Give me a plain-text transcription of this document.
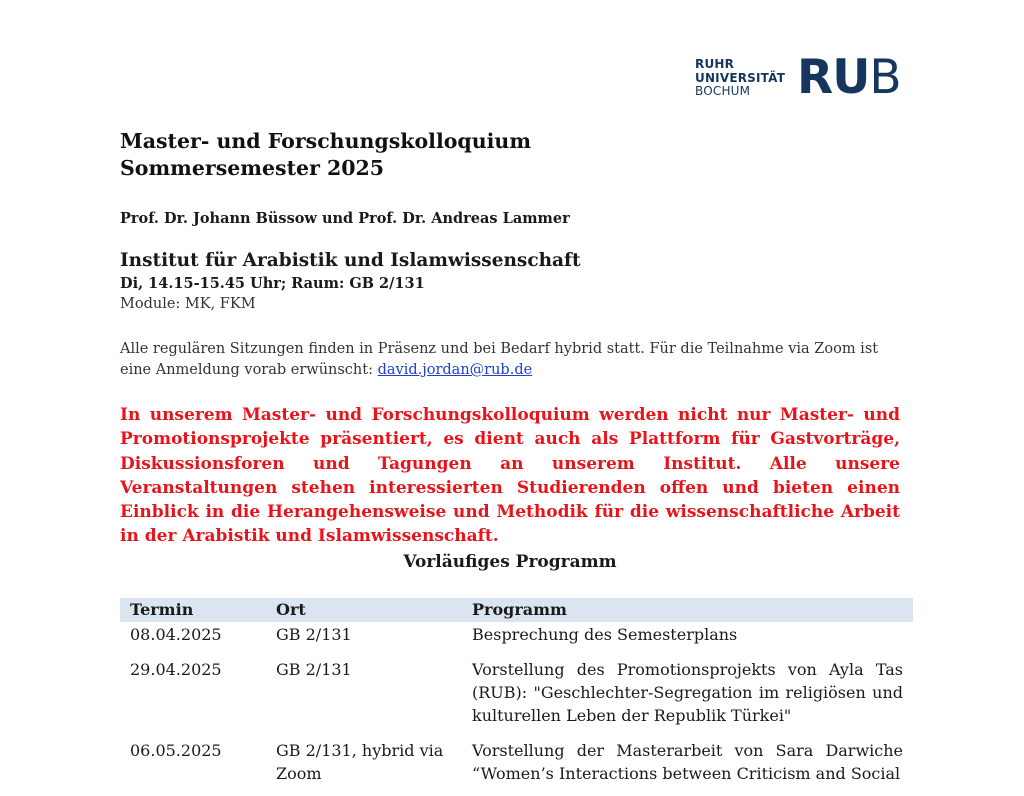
RUHR
UNIVERSITÄT
BOCHUM RUB
Master- und Forschungskolloquium
Sommersemester 2025
Prof. Dr. Johann Büssow und Prof. Dr. Andreas Lammer
Institut für Arabistik und Islamwissenschaft
Di, 14.15-15.45 Uhr; Raum: GB 2/131
Module: MK, FKM
Alle regulären Sitzungen finden in Präsenz und bei Bedarf hybrid statt. Für die Teilnahme via Zoom ist
eine Anmeldung vorab erwünscht: david.jordan@rub.de

In unserem Master- und Forschungskolloquium werden nicht nur Master- und Promotionsprojekte präsentiert, es dient auch als Plattform für Gastvorträge, Diskussionsforen und Tagungen an unserem Institut. Alle unsere Veranstaltungen stehen interessierten Studierenden offen und bieten einen Einblick in die Herangehensweise und Methodik für die wissenschaftliche Arbeit in der Arabistik und Islamwissenschaft.

Vorläufiges Programm
Termin	Ort	Programm
08.04.2025	GB 2/131	Besprechung des Semesterplans
29.04.2025	GB 2/131	Vorstellung des Promotionsprojekts von Ayla Tas (RUB): "Geschlechter-Segregation im religiösen und kulturellen Leben der Republik Türkei"
06.05.2025	GB 2/131, hybrid via Zoom	Vorstellung der Masterarbeit von Sara Darwiche “Women’s Interactions between Criticism and Social
